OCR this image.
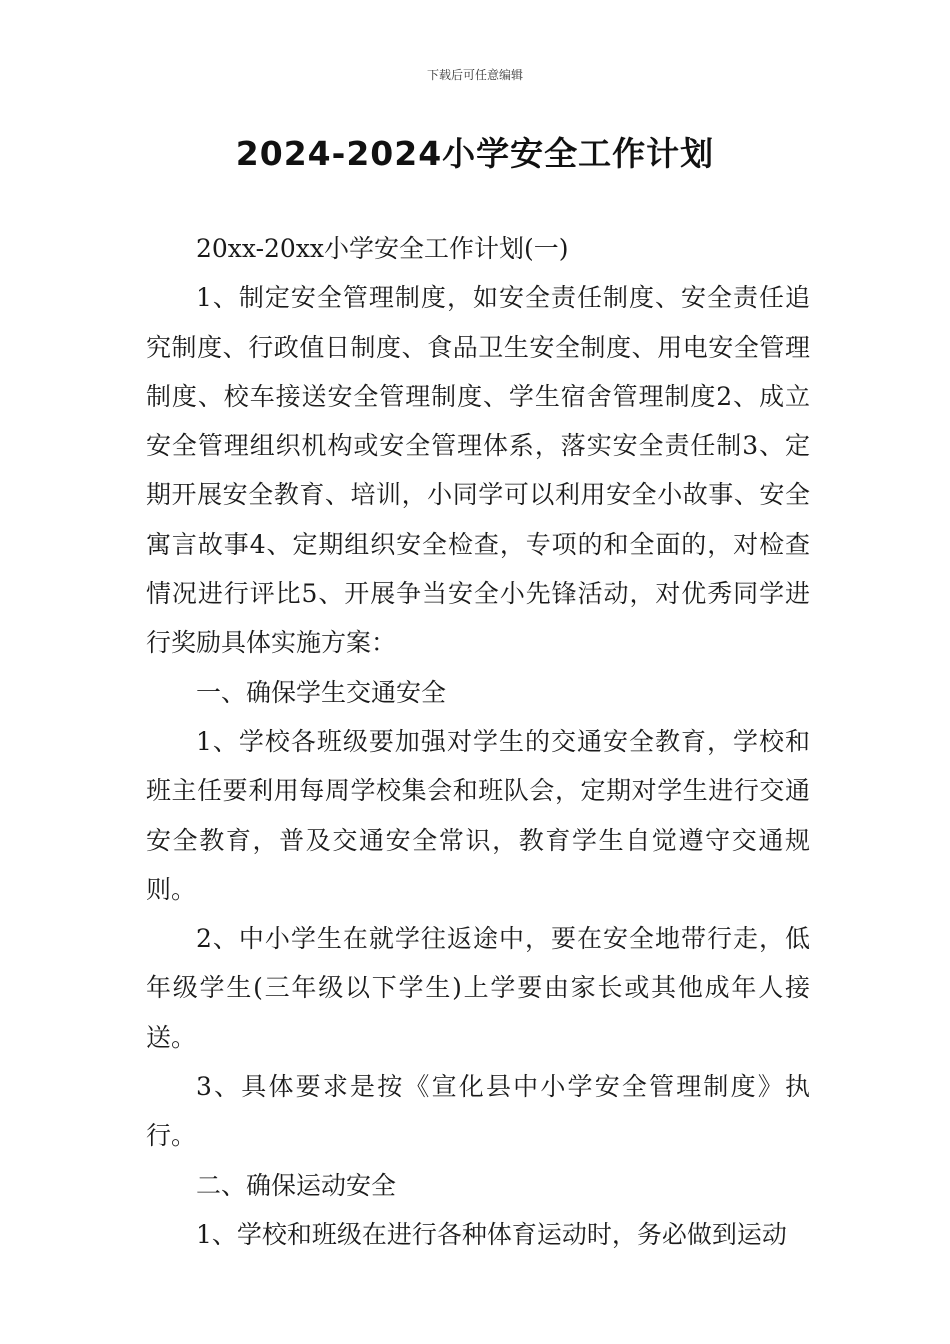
下载后可任意编辑
2024-2024小学安全工作计划

20xx-20xx小学安全工作计划(一)

1、制定安全管理制度，如安全责任制度、安全责任追究制度、行政值日制度、食品卫生安全制度、用电安全管理制度、校车接送安全管理制度、学生宿舍管理制度2、成立安全管理组织机构或安全管理体系，落实安全责任制3、定期开展安全教育、培训，小同学可以利用安全小故事、安全寓言故事4、定期组织安全检查，专项的和全面的，对检查情况进行评比5、开展争当安全小先锋活动，对优秀同学进行奖励具体实施方案：

一、确保学生交通安全

1、学校各班级要加强对学生的交通安全教育，学校和班主任要利用每周学校集会和班队会，定期对学生进行交通安全教育，普及交通安全常识，教育学生自觉遵守交通规则。

2、中小学生在就学往返途中，要在安全地带行走，低年级学生(三年级以下学生)上学要由家长或其他成年人接送。

3、具体要求是按《宣化县中小学安全管理制度》执行。

二、确保运动安全

1、学校和班级在进行各种体育运动时，务必做到运动
